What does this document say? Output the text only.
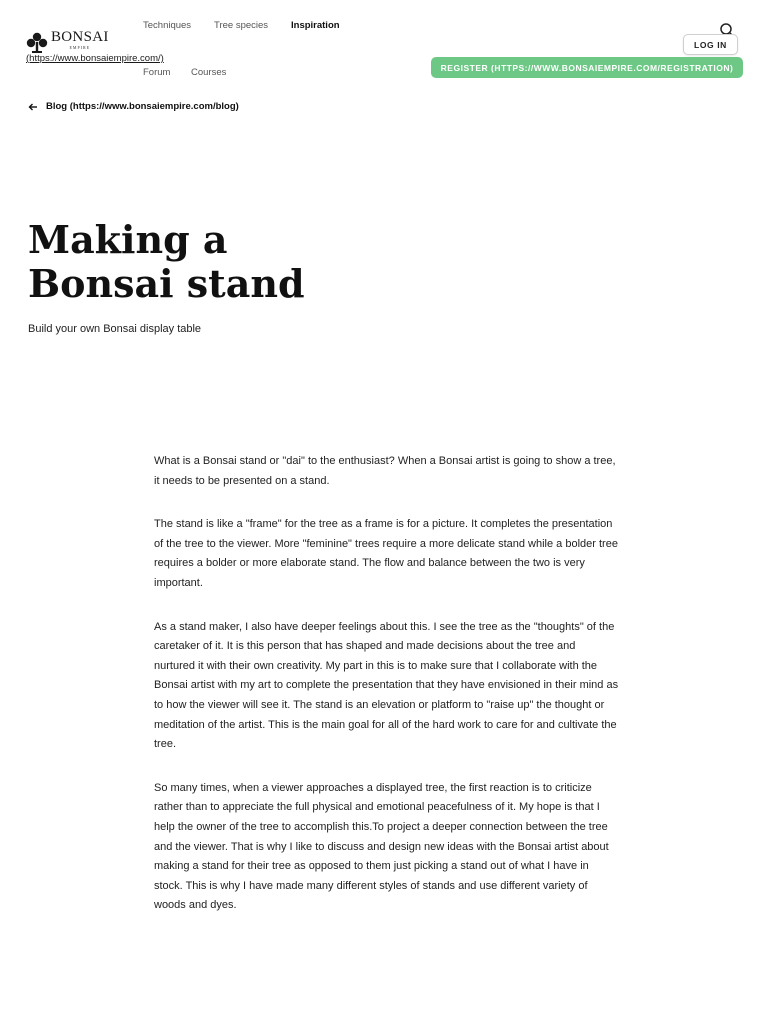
BONSAI
EMPIRE
(https://www.bonsaiempire.com/)
Techniques Tree species Inspiration
Forum Courses
LOG IN
REGISTER (HTTPS://WWW.BONSAIEMPIRE.COM/REGISTRATION)
Blog (https://www.bonsaiempire.com/blog)
Making a Bonsai stand
Build your own Bonsai display table

What is a Bonsai stand or "dai" to the enthusiast? When a Bonsai artist is going to show a tree, it needs to be presented on a stand.

The stand is like a "frame" for the tree as a frame is for a picture. It completes the presentation of the tree to the viewer. More "feminine" trees require a more delicate stand while a bolder tree requires a bolder or more elaborate stand. The flow and balance between the two is very important.

As a stand maker, I also have deeper feelings about this. I see the tree as the "thoughts" of the caretaker of it. It is this person that has shaped and made decisions about the tree and nurtured it with their own creativity. My part in this is to make sure that I collaborate with the Bonsai artist with my art to complete the presentation that they have envisioned in their mind as to how the viewer will see it. The stand is an elevation or platform to "raise up" the thought or meditation of the artist. This is the main goal for all of the hard work to care for and cultivate the tree.

So many times, when a viewer approaches a displayed tree, the first reaction is to criticize rather than to appreciate the full physical and emotional peacefulness of it. My hope is that I help the owner of the tree to accomplish this.To project a deeper connection between the tree and the viewer. That is why I like to discuss and design new ideas with the Bonsai artist about making a stand for their tree as opposed to them just picking a stand out of what I have in stock. This is why I have made many different styles of stands and use different variety of woods and dyes.
